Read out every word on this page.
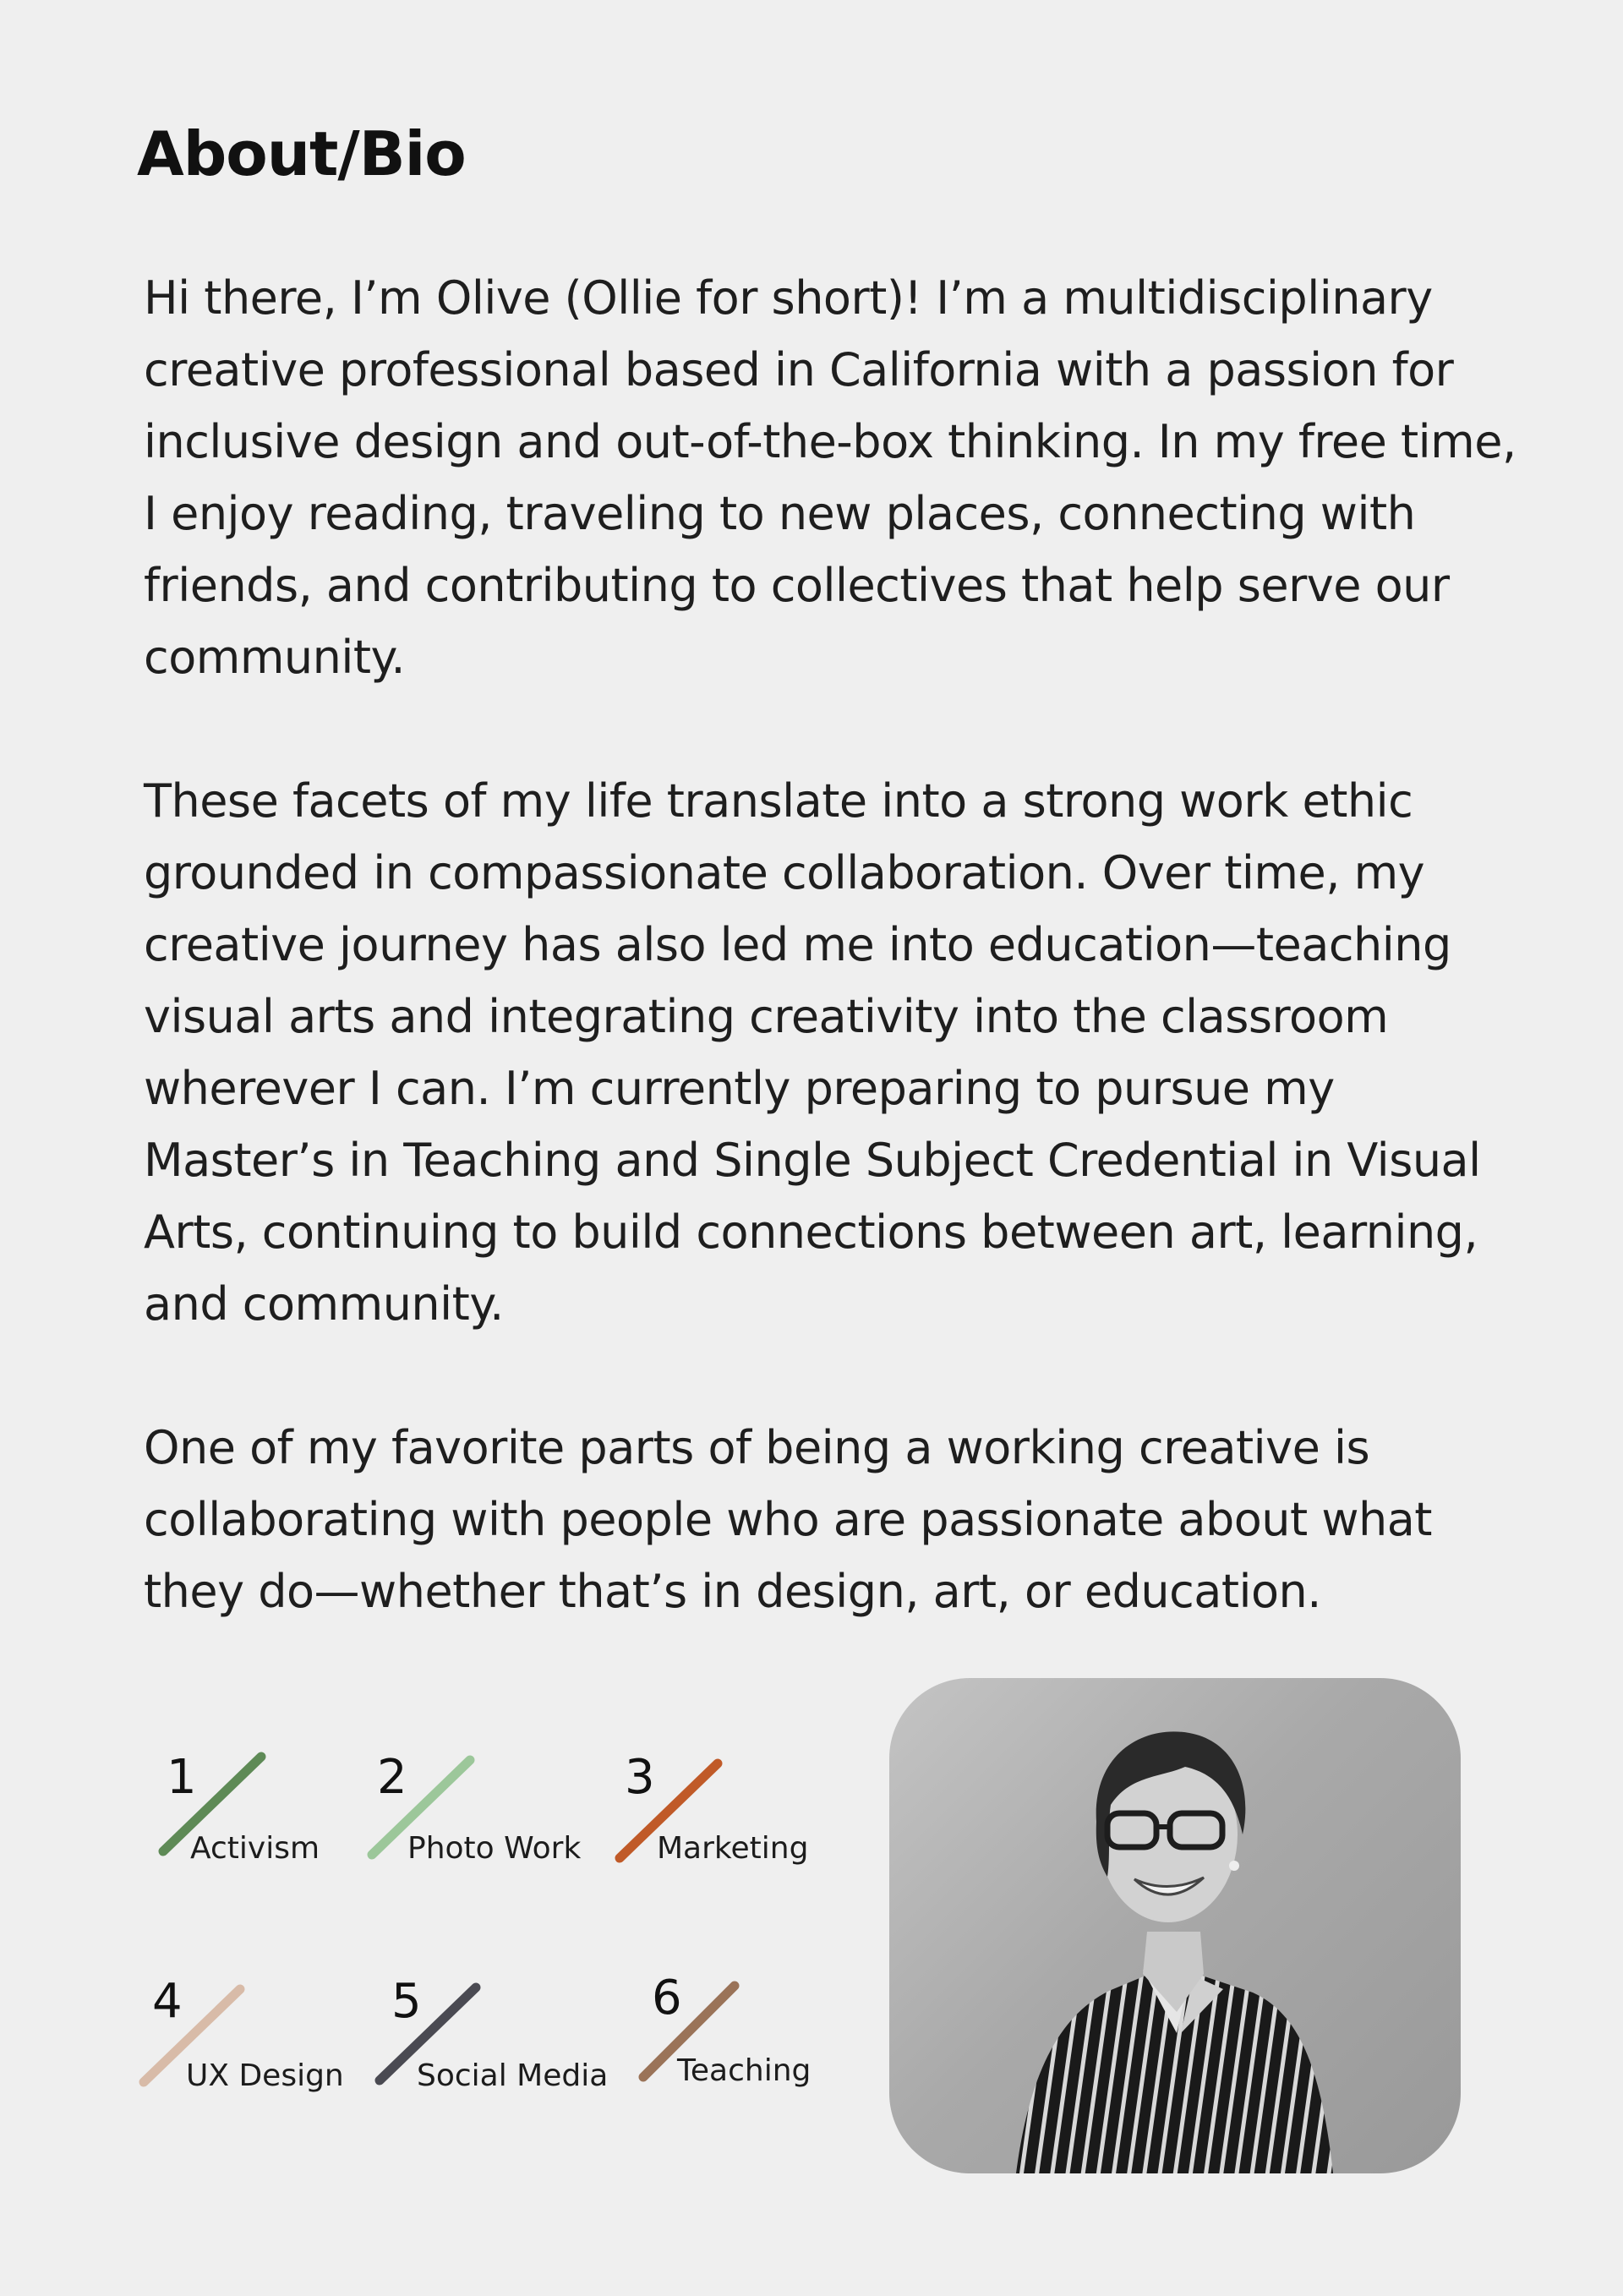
About/Bio

Hi there, I’m Olive (Ollie for short)! I’m a multidisciplinary creative professional based in California with a passion for inclusive design and out-of-the-box thinking. In my free time, I enjoy reading, traveling to new places, connecting with friends, and contributing to collectives that help serve our community.

These facets of my life translate into a strong work ethic grounded in compassionate collaboration. Over time, my creative journey has also led me into education—teaching visual arts and integrating creativity into the classroom wherever I can. I’m currently preparing to pursue my Master’s in Teaching and Single Subject Credential in Visual Arts, continuing to build connections between art, learning, and community.

One of my favorite parts of being a working creative is collaborating with people who are passionate about what they do—whether that’s in design, art, or education.

1
Activism
2
Photo Work
3
Marketing
4
UX Design
5
Social Media
6
Teaching
